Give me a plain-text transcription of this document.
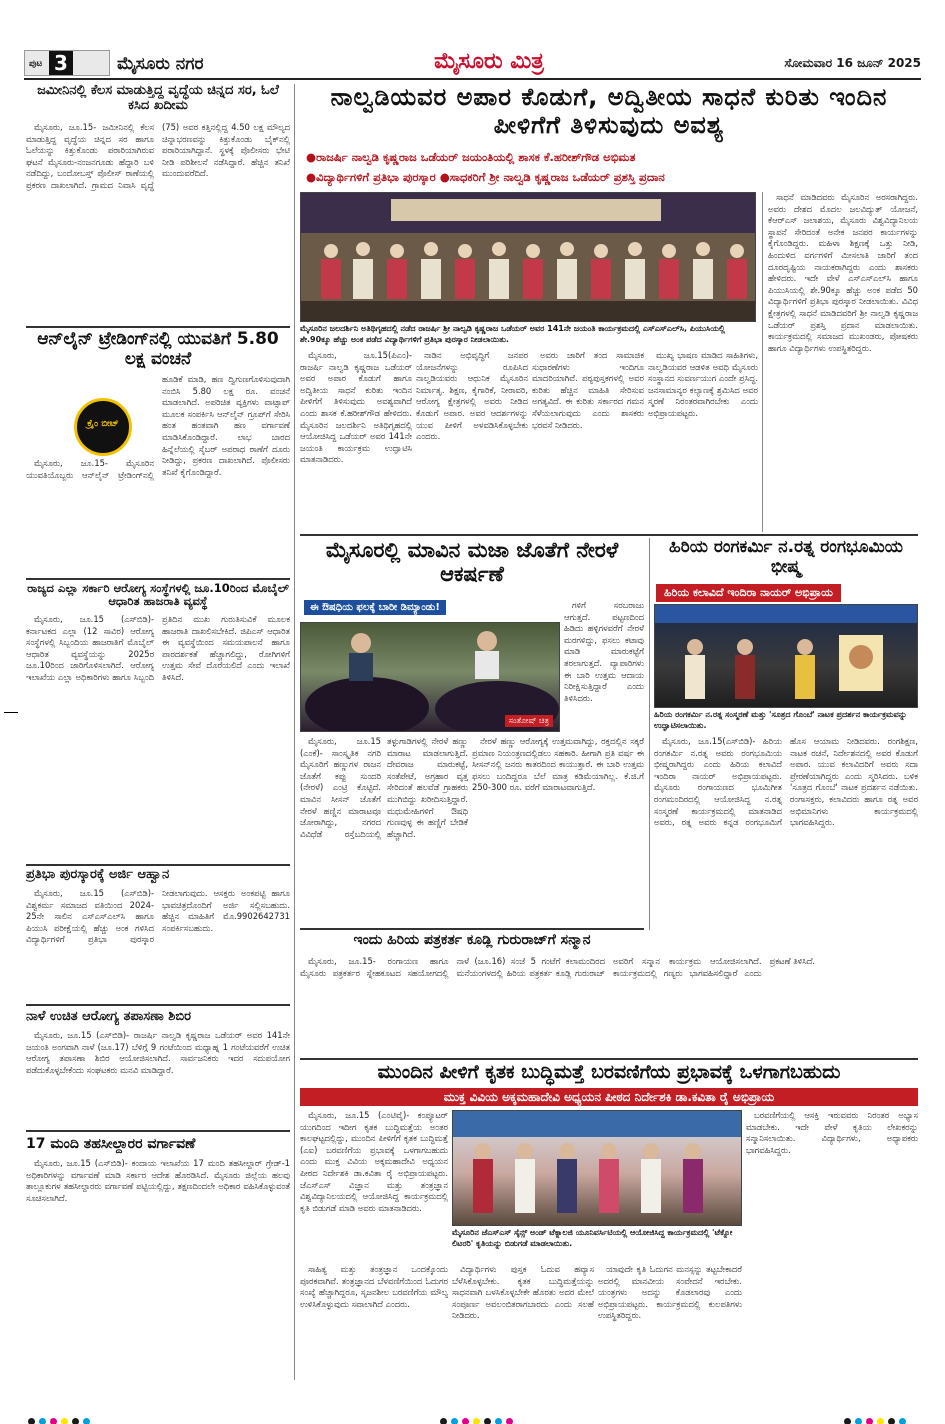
ಪುಟ 3	ಮೈಸೂರು ನಗರ	ಮೈಸೂರು ಮಿತ್ರ	ಸೋಮವಾರ 16 ಜೂನ್ 2025
ಜಮೀನಿನಲ್ಲಿ ಕೆಲಸ ಮಾಡುತ್ತಿದ್ದ ವೃದ್ಧೆಯ ಚಿನ್ನದ ಸರ, ಓಲೆ ಕಸಿದ ಖದೀಮ

ಮೈಸೂರು, ಜೂ.15- ಜಮೀನಿನಲ್ಲಿ ಕೆಲಸ ಮಾಡುತ್ತಿದ್ದ ವೃದ್ಧೆಯ ಚಿನ್ನದ ಸರ ಹಾಗೂ ಓಲೆಯನ್ನು ಕಿತ್ತುಕೊಂಡು ಪರಾರಿಯಾಗಿರುವ ಘಟನೆ ಮೈಸೂರು-ನಂಜನಗೂಡು ಹೆದ್ದಾರಿ ಬಳಿ ನಡೆದಿದ್ದು, ಬಂದೋಬಸ್ತ್ ಪೊಲೀಸ್ ಠಾಣೆಯಲ್ಲಿ ಪ್ರಕರಣ ದಾಖಲಾಗಿದೆ. ಗ್ರಾಮದ ನಿವಾಸಿ ವೃದ್ಧೆ (75) ಅವರ ಕತ್ತಿನಲ್ಲಿದ್ದ 4.50 ಲಕ್ಷ ಮೌಲ್ಯದ ಚಿನ್ನಾಭರಣವನ್ನು ಕಿತ್ತುಕೊಂಡು ಬೈಕ್‌ನಲ್ಲಿ ಪರಾರಿಯಾಗಿದ್ದಾನೆ. ಸ್ಥಳಕ್ಕೆ ಪೊಲೀಸರು ಭೇಟಿ ನೀಡಿ ಪರಿಶೀಲನೆ ನಡೆಸಿದ್ದಾರೆ. ಹೆಚ್ಚಿನ ತನಿಖೆ ಮುಂದುವರೆದಿದೆ.

ಆನ್‌ಲೈನ್ ಟ್ರೇಡಿಂಗ್‌ನಲ್ಲಿ ಯುವತಿಗೆ 5.80 ಲಕ್ಷ ವಂಚನೆ
ಕ್ರೈಂ ಬೀಟ್

ಮೈಸೂರು, ಜೂ.15- ಮೈಸೂರಿನ ಯುವತಿಯೊಬ್ಬರು ಆನ್‌ಲೈನ್ ಟ್ರೇಡಿಂಗ್‌ನಲ್ಲಿ ಹೂಡಿಕೆ ಮಾಡಿ, ಹಣ ದ್ವಿಗುಣಗೊಳಿಸುವುದಾಗಿ ನಂಬಿಸಿ 5.80 ಲಕ್ಷ ರೂ. ವಂಚನೆ ಮಾಡಲಾಗಿದೆ. ಅಪರಿಚಿತ ವ್ಯಕ್ತಿಗಳು ವಾಟ್ಸಾಪ್ ಮೂಲಕ ಸಂಪರ್ಕಿಸಿ ಆನ್‌ಲೈನ್ ಗ್ರೂಪ್‌ಗೆ ಸೇರಿಸಿ ಹಂತ ಹಂತವಾಗಿ ಹಣ ವರ್ಗಾವಣೆ ಮಾಡಿಸಿಕೊಂಡಿದ್ದಾರೆ. ಲಾಭ ಬಾರದ ಹಿನ್ನೆಲೆಯಲ್ಲಿ ಸೈಬರ್ ಅಪರಾಧ ಠಾಣೆಗೆ ದೂರು ನೀಡಿದ್ದು, ಪ್ರಕರಣ ದಾಖಲಾಗಿದೆ. ಪೊಲೀಸರು ತನಿಖೆ ಕೈಗೊಂಡಿದ್ದಾರೆ.

ರಾಜ್ಯದ ಎಲ್ಲಾ ಸರ್ಕಾರಿ ಆರೋಗ್ಯ ಸಂಸ್ಥೆಗಳಲ್ಲಿ ಜೂ.10ರಿಂದ ಮೊಬೈಲ್ ಆಧಾರಿತ ಹಾಜರಾತಿ ವ್ಯವಸ್ಥೆ

ಮೈಸೂರು, ಜೂ.15 (ಎಸ್‌ಬಿಡಿ)- ಕರ್ನಾಟಕದ ಎಲ್ಲಾ (12 ಸಾವಿರ) ಆರೋಗ್ಯ ಸಂಸ್ಥೆಗಳಲ್ಲಿ ಸಿಬ್ಬಂದಿಯ ಹಾಜರಾತಿಗೆ ಮೊಬೈಲ್ ಆಧಾರಿತ ವ್ಯವಸ್ಥೆಯನ್ನು 2025ರ ಜೂ.10ರಿಂದ ಜಾರಿಗೊಳಿಸಲಾಗಿದೆ. ಆರೋಗ್ಯ ಇಲಾಖೆಯ ಎಲ್ಲಾ ಅಧಿಕಾರಿಗಳು ಹಾಗೂ ಸಿಬ್ಬಂದಿ ಪ್ರತಿದಿನ ಮುಖ ಗುರುತಿಸುವಿಕೆ ಮೂಲಕ ಹಾಜರಾತಿ ದಾಖಲಿಸಬೇಕಿದೆ. ಜಿಪಿಎಸ್ ಆಧಾರಿತ ಈ ವ್ಯವಸ್ಥೆಯಿಂದ ಸಮಯಪಾಲನೆ ಹಾಗೂ ಪಾರದರ್ಶಕತೆ ಹೆಚ್ಚಾಗಲಿದ್ದು, ರೋಗಿಗಳಿಗೆ ಉತ್ತಮ ಸೇವೆ ದೊರೆಯಲಿದೆ ಎಂದು ಇಲಾಖೆ ತಿಳಿಸಿದೆ.

ಪ್ರತಿಭಾ ಪುರಸ್ಕಾರಕ್ಕೆ ಅರ್ಜಿ ಆಹ್ವಾನ

ಮೈಸೂರು, ಜೂ.15 (ಎಸ್‌ಬಿಡಿ)- ವಿಶ್ವಕರ್ಮ ಸಮಾಜದ ವತಿಯಿಂದ 2024-25ನೇ ಸಾಲಿನ ಎಸ್ಎಸ್ಎಲ್‌ಸಿ ಹಾಗೂ ಪಿಯುಸಿ ಪರೀಕ್ಷೆಯಲ್ಲಿ ಹೆಚ್ಚು ಅಂಕ ಗಳಿಸಿದ ವಿದ್ಯಾರ್ಥಿಗಳಿಗೆ ಪ್ರತಿಭಾ ಪುರಸ್ಕಾರ ನೀಡಲಾಗುವುದು. ಆಸಕ್ತರು ಅಂಕಪಟ್ಟಿ ಹಾಗೂ ಭಾವಚಿತ್ರದೊಂದಿಗೆ ಅರ್ಜಿ ಸಲ್ಲಿಸಬಹುದು. ಹೆಚ್ಚಿನ ಮಾಹಿತಿಗೆ ಮೊ.9902642731 ಸಂಪರ್ಕಿಸಬಹುದು.

ನಾಳೆ ಉಚಿತ ಆರೋಗ್ಯ ತಪಾಸಣಾ ಶಿಬಿರ

ಮೈಸೂರು, ಜೂ.15 (ಎಸ್‌ಬಿಡಿ)- ರಾಜರ್ಷಿ ನಾಲ್ವಡಿ ಕೃಷ್ಣರಾಜ ಒಡೆಯರ್ ಅವರ 141ನೇ ಜಯಂತಿ ಅಂಗವಾಗಿ ನಾಳೆ (ಜೂ.17) ಬೆಳಿಗ್ಗೆ 9 ಗಂಟೆಯಿಂದ ಮಧ್ಯಾಹ್ನ 1 ಗಂಟೆಯವರೆಗೆ ಉಚಿತ ಆರೋಗ್ಯ ತಪಾಸಣಾ ಶಿಬಿರ ಆಯೋಜಿಸಲಾಗಿದೆ. ಸಾರ್ವಜನಿಕರು ಇದರ ಸದುಪಯೋಗ ಪಡೆದುಕೊಳ್ಳಬೇಕೆಂದು ಸಂಘಟಕರು ಮನವಿ ಮಾಡಿದ್ದಾರೆ.

17 ಮಂದಿ ತಹಸೀಲ್ದಾರರ ವರ್ಗಾವಣೆ

ಮೈಸೂರು, ಜೂ.15 (ಎಸ್‌ಬಿಡಿ)- ಕಂದಾಯ ಇಲಾಖೆಯ 17 ಮಂದಿ ತಹಸೀಲ್ದಾರ್ ಗ್ರೇಡ್-1 ಅಧಿಕಾರಿಗಳನ್ನು ವರ್ಗಾವಣೆ ಮಾಡಿ ಸರ್ಕಾರ ಆದೇಶ ಹೊರಡಿಸಿದೆ. ಮೈಸೂರು ಜಿಲ್ಲೆಯ ಹಲವು ತಾಲ್ಲೂಕುಗಳ ತಹಸೀಲ್ದಾರರು ವರ್ಗಾವಣೆ ಪಟ್ಟಿಯಲ್ಲಿದ್ದು, ತಕ್ಷಣದಿಂದಲೇ ಅಧಿಕಾರ ವಹಿಸಿಕೊಳ್ಳುವಂತೆ ಸೂಚಿಸಲಾಗಿದೆ.

ನಾಲ್ವಡಿಯವರ ಅಪಾರ ಕೊಡುಗೆ, ಅದ್ವಿತೀಯ ಸಾಧನೆ ಕುರಿತು ಇಂದಿನ ಪೀಳಿಗೆಗೆ ತಿಳಿಸುವುದು ಅವಶ್ಯ
●ರಾಜರ್ಷಿ ನಾಲ್ವಡಿ ಕೃಷ್ಣರಾಜ ಒಡೆಯರ್ ಜಯಂತಿಯಲ್ಲಿ ಶಾಸಕ ಕೆ.ಹರೀಶ್‌ಗೌಡ ಅಭಿಮತ
●ವಿದ್ಯಾರ್ಥಿಗಳಿಗೆ ಪ್ರತಿಭಾ ಪುರಸ್ಕಾರ ●ಸಾಧಕರಿಗೆ ಶ್ರೀ ನಾಲ್ವಡಿ ಕೃಷ್ಣರಾಜ ಒಡೆಯರ್ ಪ್ರಶಸ್ತಿ ಪ್ರದಾನ
ಮೈಸೂರಿನ ಜಲದರ್ಶಿನಿ ಅತಿಥಿಗೃಹದಲ್ಲಿ ನಡೆದ ರಾಜರ್ಷಿ ಶ್ರೀ ನಾಲ್ವಡಿ ಕೃಷ್ಣರಾಜ ಒಡೆಯರ್ ಅವರ 141ನೇ ಜಯಂತಿ ಕಾರ್ಯಕ್ರಮದಲ್ಲಿ ಎಸ್ಎಸ್ಎಲ್‌ಸಿ, ಪಿಯುಸಿಯಲ್ಲಿ ಶೇ.90ಕ್ಕೂ ಹೆಚ್ಚು ಅಂಕ ಪಡೆದ ವಿದ್ಯಾರ್ಥಿಗಳಿಗೆ ಪ್ರತಿಭಾ ಪುರಸ್ಕಾರ ನೀಡಲಾಯಿತು.

ಸಾಧನೆ ಮಾಡಿದವರು ಮೈಸೂರಿನ ಅರಸರಾಗಿದ್ದರು. ಅವರು ದೇಶದ ಮೊದಲ ಜಲವಿದ್ಯುತ್ ಯೋಜನೆ, ಕೆಆರ್‌ಎಸ್ ಜಲಾಶಯ, ಮೈಸೂರು ವಿಶ್ವವಿದ್ಯಾನಿಲಯ ಸ್ಥಾಪನೆ ಸೇರಿದಂತೆ ಅನೇಕ ಜನಪರ ಕಾರ್ಯಗಳನ್ನು ಕೈಗೊಂಡಿದ್ದರು. ಮಹಿಳಾ ಶಿಕ್ಷಣಕ್ಕೆ ಒತ್ತು ನೀಡಿ, ಹಿಂದುಳಿದ ವರ್ಗಗಳಿಗೆ ಮೀಸಲಾತಿ ಜಾರಿಗೆ ತಂದ ದೂರದೃಷ್ಟಿಯ ನಾಯಕರಾಗಿದ್ದರು ಎಂದು ಶಾಸಕರು ಹೇಳಿದರು. ಇದೇ ವೇಳೆ ಎಸ್ಎಸ್ಎಲ್‌ಸಿ ಹಾಗೂ ಪಿಯುಸಿಯಲ್ಲಿ ಶೇ.90ಕ್ಕೂ ಹೆಚ್ಚು ಅಂಕ ಪಡೆದ 50 ವಿದ್ಯಾರ್ಥಿಗಳಿಗೆ ಪ್ರತಿಭಾ ಪುರಸ್ಕಾರ ನೀಡಲಾಯಿತು. ವಿವಿಧ ಕ್ಷೇತ್ರಗಳಲ್ಲಿ ಸಾಧನೆ ಮಾಡಿದವರಿಗೆ ಶ್ರೀ ನಾಲ್ವಡಿ ಕೃಷ್ಣರಾಜ ಒಡೆಯರ್ ಪ್ರಶಸ್ತಿ ಪ್ರದಾನ ಮಾಡಲಾಯಿತು. ಕಾರ್ಯಕ್ರಮದಲ್ಲಿ ಸಮಾಜದ ಮುಖಂಡರು, ಪೋಷಕರು ಹಾಗೂ ವಿದ್ಯಾರ್ಥಿಗಳು ಉಪಸ್ಥಿತರಿದ್ದರು.

ಮೈಸೂರು, ಜೂ.15(ಪಿಎಂ)- ರಾಜರ್ಷಿ ನಾಲ್ವಡಿ ಕೃಷ್ಣರಾಜ ಒಡೆಯರ್ ಅವರ ಅಪಾರ ಕೊಡುಗೆ ಹಾಗೂ ಅದ್ವಿತೀಯ ಸಾಧನೆ ಕುರಿತು ಇಂದಿನ ಪೀಳಿಗೆಗೆ ತಿಳಿಸುವುದು ಅವಶ್ಯವಾಗಿದೆ ಎಂದು ಶಾಸಕ ಕೆ.ಹರೀಶ್‌ಗೌಡ ಹೇಳಿದರು. ಮೈಸೂರಿನ ಜಲದರ್ಶಿನಿ ಅತಿಥಿಗೃಹದಲ್ಲಿ ಆಯೋಜಿಸಿದ್ದ ಒಡೆಯರ್ ಅವರ 141ನೇ ಜಯಂತಿ ಕಾರ್ಯಕ್ರಮ ಉದ್ಘಾಟಿಸಿ ಮಾತನಾಡಿದರು.

ನಾಡಿನ ಅಭಿವೃದ್ಧಿಗೆ ಜನಪರ ಯೋಜನೆಗಳನ್ನು ರೂಪಿಸಿದ ನಾಲ್ವಡಿಯವರು ಆಧುನಿಕ ಮೈಸೂರಿನ ನಿರ್ಮಾತೃ. ಶಿಕ್ಷಣ, ಕೈಗಾರಿಕೆ, ನೀರಾವರಿ, ಆರೋಗ್ಯ ಕ್ಷೇತ್ರಗಳಲ್ಲಿ ಅವರು ನೀಡಿದ ಕೊಡುಗೆ ಅಪಾರ. ಅವರ ಆದರ್ಶಗಳನ್ನು ಯುವ ಪೀಳಿಗೆ ಅಳವಡಿಸಿಕೊಳ್ಳಬೇಕು ಎಂದರು.

ಅವರು ಜಾರಿಗೆ ತಂದ ಸಾಮಾಜಿಕ ಸುಧಾರಣೆಗಳು ಇಂದಿಗೂ ಮಾದರಿಯಾಗಿವೆ. ಪಠ್ಯಪುಸ್ತಕಗಳಲ್ಲಿ ಅವರ ಕುರಿತು ಹೆಚ್ಚಿನ ಮಾಹಿತಿ ಸೇರಿಸುವ ಅಗತ್ಯವಿದೆ. ಈ ಕುರಿತು ಸರ್ಕಾರದ ಗಮನ ಸೆಳೆಯಲಾಗುವುದು ಎಂದು ಶಾಸಕರು ಭರವಸೆ ನೀಡಿದರು.

ಮುಖ್ಯ ಭಾಷಣ ಮಾಡಿದ ಸಾಹಿತಿಗಳು, ನಾಲ್ವಡಿಯವರ ಆಡಳಿತ ಅವಧಿ ಮೈಸೂರು ಸಂಸ್ಥಾನದ ಸುವರ್ಣಯುಗ ಎಂದೇ ಪ್ರಸಿದ್ಧ. ಜನಸಾಮಾನ್ಯರ ಕಲ್ಯಾಣಕ್ಕೆ ಶ್ರಮಿಸಿದ ಅವರ ಸ್ಮರಣೆ ನಿರಂತರವಾಗಿರಬೇಕು ಎಂದು ಅಭಿಪ್ರಾಯಪಟ್ಟರು.

ಮೈಸೂರಲ್ಲಿ ಮಾವಿನ ಮಜಾ ಜೊತೆಗೆ ನೇರಳೆ ಆಕರ್ಷಣೆ
ಈ ಔಷಧಿಯ ಫಲಕ್ಕೆ ಬಾರೀ ಡಿಮ್ಯಾಂಡು!
ಸಂತೋಷ್ ಚಿತ್ರ

ಗಳಿಗೆ ಸರಬರಾಜು ಆಗುತ್ತದೆ. ಪಟ್ಟಣದಿಂದ ಹಿಡಿದು ಹಳ್ಳಿಗಳವರೆಗೆ ನೇರಳೆ ಮರಗಳಿದ್ದು, ಫಸಲು ಕಟಾವು ಮಾಡಿ ಮಾರುಕಟ್ಟೆಗೆ ತರಲಾಗುತ್ತದೆ. ವ್ಯಾಪಾರಿಗಳು ಈ ಬಾರಿ ಉತ್ತಮ ಆದಾಯ ನಿರೀಕ್ಷಿಸುತ್ತಿದ್ದಾರೆ ಎಂದು ತಿಳಿಸಿದರು.

ಮೈಸೂರು, ಜೂ.15 (ಎಂಕೆ)- ಸಾಂಸ್ಕೃತಿಕ ನಗರಿ ಮೈಸೂರಿಗೆ ಹಣ್ಣುಗಳ ರಾಜನ ಜೊತೆಗೆ ಕಪ್ಪು ಸುಂದರಿ (ನೇರಳೆ) ಎಂಟ್ರಿ ಕೊಟ್ಟಿದೆ. ಮಾವಿನ ಸೀಸನ್ ಜೊತೆಗೆ ನೇರಳೆ ಹಣ್ಣಿನ ಮಾರಾಟವೂ ಜೋರಾಗಿದ್ದು, ನಗರದ ವಿವಿಧೆಡೆ ರಸ್ತೆಬದಿಯಲ್ಲಿ ತಳ್ಳುಗಾಡಿಗಳಲ್ಲಿ ನೇರಳೆ ಹಣ್ಣು ಮಾರಾಟ ಮಾಡಲಾಗುತ್ತಿದೆ. ದೇವರಾಜ ಮಾರುಕಟ್ಟೆ, ಸಂತೆಪೇಟೆ, ಅಗ್ರಹಾರ ವೃತ್ತ ಸೇರಿದಂತೆ ಹಲವೆಡೆ ಗ್ರಾಹಕರು ಮುಗಿಬಿದ್ದು ಖರೀದಿಸುತ್ತಿದ್ದಾರೆ. ಮಧುಮೇಹಿಗಳಿಗೆ ಔಷಧಿ ಗುಣವುಳ್ಳ ಈ ಹಣ್ಣಿಗೆ ಬೇಡಿಕೆ ಹೆಚ್ಚಾಗಿದೆ.

ನೇರಳೆ ಹಣ್ಣು ಆರೋಗ್ಯಕ್ಕೆ ಉತ್ತಮವಾಗಿದ್ದು, ರಕ್ತದಲ್ಲಿನ ಸಕ್ಕರೆ ಪ್ರಮಾಣ ನಿಯಂತ್ರಣದಲ್ಲಿಡಲು ಸಹಕಾರಿ. ಹೀಗಾಗಿ ಪ್ರತಿ ವರ್ಷ ಈ ಸೀಸನ್‌ನಲ್ಲಿ ಜನರು ಕಾತರದಿಂದ ಕಾಯುತ್ತಾರೆ. ಈ ಬಾರಿ ಉತ್ತಮ ಫಸಲು ಬಂದಿದ್ದರೂ ಬೆಲೆ ಮಾತ್ರ ಕಡಿಮೆಯಾಗಿಲ್ಲ. ಕೆ.ಜಿ.ಗೆ 250-300 ರೂ. ವರೆಗೆ ಮಾರಾಟವಾಗುತ್ತಿದೆ.

ಹಿರಿಯ ರಂಗಕರ್ಮಿ ನ.ರತ್ನ ರಂಗಭೂಮಿಯ ಭೀಷ್ಮ
ಹಿರಿಯ ಕಲಾವಿದೆ ಇಂದಿರಾ ನಾಯರ್ ಅಭಿಪ್ರಾಯ
ಹಿರಿಯ ರಂಗಕರ್ಮಿ ನ.ರತ್ನ ಸಂಸ್ಮರಣೆ ಮತ್ತು 'ಸೂತ್ರದ ಗೊಂಬೆ' ನಾಟಕ ಪ್ರದರ್ಶನ ಕಾರ್ಯಕ್ರಮವನ್ನು ಉದ್ಘಾಟಿಸಲಾಯಿತು.

ಮೈಸೂರು, ಜೂ.15(ಎಸ್‌ಬಿಡಿ)- ಹಿರಿಯ ರಂಗಕರ್ಮಿ ನ.ರತ್ನ ಅವರು ರಂಗಭೂಮಿಯ ಭೀಷ್ಮರಾಗಿದ್ದರು ಎಂದು ಹಿರಿಯ ಕಲಾವಿದೆ ಇಂದಿರಾ ನಾಯರ್ ಅಭಿಪ್ರಾಯಪಟ್ಟರು. ಮೈಸೂರು ರಂಗಾಯಣದ ಭೂಮಿಗೀತ ರಂಗಮಂದಿರದಲ್ಲಿ ಆಯೋಜಿಸಿದ್ದ ನ.ರತ್ನ ಸಂಸ್ಮರಣೆ ಕಾರ್ಯಕ್ರಮದಲ್ಲಿ ಮಾತನಾಡಿದ ಅವರು, ರತ್ನ ಅವರು ಕನ್ನಡ ರಂಗಭೂಮಿಗೆ ಹೊಸ ಆಯಾಮ ನೀಡಿದವರು. ರಂಗಶಿಕ್ಷಣ, ನಾಟಕ ರಚನೆ, ನಿರ್ದೇಶನದಲ್ಲಿ ಅವರ ಕೊಡುಗೆ ಅಪಾರ. ಯುವ ಕಲಾವಿದರಿಗೆ ಅವರು ಸದಾ ಪ್ರೇರಣೆಯಾಗಿದ್ದರು ಎಂದು ಸ್ಮರಿಸಿದರು. ಬಳಿಕ 'ಸೂತ್ರದ ಗೊಂಬೆ' ನಾಟಕ ಪ್ರದರ್ಶನ ನಡೆಯಿತು. ರಂಗಾಸಕ್ತರು, ಕಲಾವಿದರು ಹಾಗೂ ರತ್ನ ಅವರ ಅಭಿಮಾನಿಗಳು ಕಾರ್ಯಕ್ರಮದಲ್ಲಿ ಭಾಗವಹಿಸಿದ್ದರು.

ಇಂದು ಹಿರಿಯ ಪತ್ರಕರ್ತ ಕೂಡ್ಲಿ ಗುರುರಾಜ್‌ಗೆ ಸನ್ಮಾನ

ಮೈಸೂರು, ಜೂ.15- ರಂಗಾಯಣ ಹಾಗೂ ಮೈಸೂರು ಪತ್ರಕರ್ತರ ಸ್ನೇಹಕೂಟದ ಸಹಯೋಗದಲ್ಲಿ ನಾಳೆ (ಜೂ.16) ಸಂಜೆ 5 ಗಂಟೆಗೆ ಕಲಾಮಂದಿರದ ಮನೆಯಂಗಳದಲ್ಲಿ ಹಿರಿಯ ಪತ್ರಕರ್ತ ಕೂಡ್ಲಿ ಗುರುರಾಜ್ ಅವರಿಗೆ ಸನ್ಮಾನ ಕಾರ್ಯಕ್ರಮ ಆಯೋಜಿಸಲಾಗಿದೆ. ಕಾರ್ಯಕ್ರಮದಲ್ಲಿ ಗಣ್ಯರು ಭಾಗವಹಿಸಲಿದ್ದಾರೆ ಎಂದು ಪ್ರಕಟಣೆ ತಿಳಿಸಿದೆ.

ಮುಂದಿನ ಪೀಳಿಗೆ ಕೃತಕ ಬುದ್ಧಿಮತ್ತೆ ಬರವಣಿಗೆಯ ಪ್ರಭಾವಕ್ಕೆ ಒಳಗಾಗಬಹುದು
ಮುಕ್ತ ವಿವಿಯ ಅಕ್ಕಮಹಾದೇವಿ ಅಧ್ಯಯನ ಪೀಠದ ನಿರ್ದೇಶಕಿ ಡಾ.ಕವಿತಾ ರೈ ಅಭಿಪ್ರಾಯ

ಮೈಸೂರು, ಜೂ.15 (ಎಂಟಿವೈ)- ಕಂಪ್ಯೂಟರ್ ಯುಗದಿಂದ ಇದೀಗ ಕೃತಕ ಬುದ್ಧಿಮತ್ತೆಯ ಅಂತರ ಕಾಲಘಟ್ಟದಲ್ಲಿದ್ದು, ಮುಂದಿನ ಪೀಳಿಗೆಗೆ ಕೃತಕ ಬುದ್ಧಿಮತ್ತೆ (ಎಐ) ಬರವಣಿಗೆಯ ಪ್ರಭಾವಕ್ಕೆ ಒಳಗಾಗಬಹುದು ಎಂದು ಮುಕ್ತ ವಿವಿಯ ಅಕ್ಕಮಹಾದೇವಿ ಅಧ್ಯಯನ ಪೀಠದ ನಿರ್ದೇಶಕಿ ಡಾ.ಕವಿತಾ ರೈ ಅಭಿಪ್ರಾಯಪಟ್ಟರು. ಜೆಎಸ್‌ಎಸ್ ವಿಜ್ಞಾನ ಮತ್ತು ತಂತ್ರಜ್ಞಾನ ವಿಶ್ವವಿದ್ಯಾನಿಲಯದಲ್ಲಿ ಆಯೋಜಿಸಿದ್ದ ಕಾರ್ಯಕ್ರಮದಲ್ಲಿ ಕೃತಿ ಬಿಡುಗಡೆ ಮಾಡಿ ಅವರು ಮಾತನಾಡಿದರು.

ಮೈಸೂರಿನ ಜೆಎಸ್‌ಎಸ್ ಸೈನ್ಸ್ ಅಂಡ್ ಟೆಕ್ನಾಲಜಿ ಯೂನಿವರ್ಸಿಟಿಯಲ್ಲಿ ಆಯೋಜಿಸಿದ್ದ ಕಾರ್ಯಕ್ರಮದಲ್ಲಿ 'ಟೆಕ್ನೋ ಲಿಟರರಿ' ಕೃತಿಯನ್ನು ಬಿಡುಗಡೆ ಮಾಡಲಾಯಿತು.

ಬರವಣಿಗೆಯಲ್ಲಿ ಆಸಕ್ತಿ ಇರುವವರು ನಿರಂತರ ಅಭ್ಯಾಸ ಮಾಡಬೇಕು. ಇದೇ ವೇಳೆ ಕೃತಿಯ ಲೇಖಕರನ್ನು ಸನ್ಮಾನಿಸಲಾಯಿತು. ವಿದ್ಯಾರ್ಥಿಗಳು, ಅಧ್ಯಾಪಕರು ಭಾಗವಹಿಸಿದ್ದರು.

ಸಾಹಿತ್ಯ ಮತ್ತು ತಂತ್ರಜ್ಞಾನ ಒಂದಕ್ಕೊಂದು ಪೂರಕವಾಗಿವೆ. ತಂತ್ರಜ್ಞಾನದ ಬೆಳವಣಿಗೆಯಿಂದ ಓದುಗರ ಸಂಖ್ಯೆ ಹೆಚ್ಚಾಗಿದ್ದರೂ, ಸೃಜನಶೀಲ ಬರವಣಿಗೆಯ ಮೌಲ್ಯ ಉಳಿಸಿಕೊಳ್ಳುವುದು ಸವಾಲಾಗಿದೆ ಎಂದರು.

ವಿದ್ಯಾರ್ಥಿಗಳು ಪುಸ್ತಕ ಓದುವ ಹವ್ಯಾಸ ಬೆಳೆಸಿಕೊಳ್ಳಬೇಕು. ಕೃತಕ ಬುದ್ಧಿಮತ್ತೆಯನ್ನು ಸಾಧನವಾಗಿ ಬಳಸಿಕೊಳ್ಳಬೇಕೇ ಹೊರತು ಅದರ ಮೇಲೆ ಸಂಪೂರ್ಣ ಅವಲಂಬಿತರಾಗಬಾರದು ಎಂದು ಸಲಹೆ ನೀಡಿದರು.

ಯಾವುದೇ ಕೃತಿ ಓದುಗನ ಮನಸ್ಸನ್ನು ತಟ್ಟಬೇಕಾದರೆ ಅದರಲ್ಲಿ ಮಾನವೀಯ ಸಂವೇದನೆ ಇರಬೇಕು. ಯಂತ್ರಗಳು ಅದನ್ನು ಕೊಡಲಾರವು ಎಂದು ಅಭಿಪ್ರಾಯಪಟ್ಟರು. ಕಾರ್ಯಕ್ರಮದಲ್ಲಿ ಕುಲಪತಿಗಳು ಉಪಸ್ಥಿತರಿದ್ದರು.
